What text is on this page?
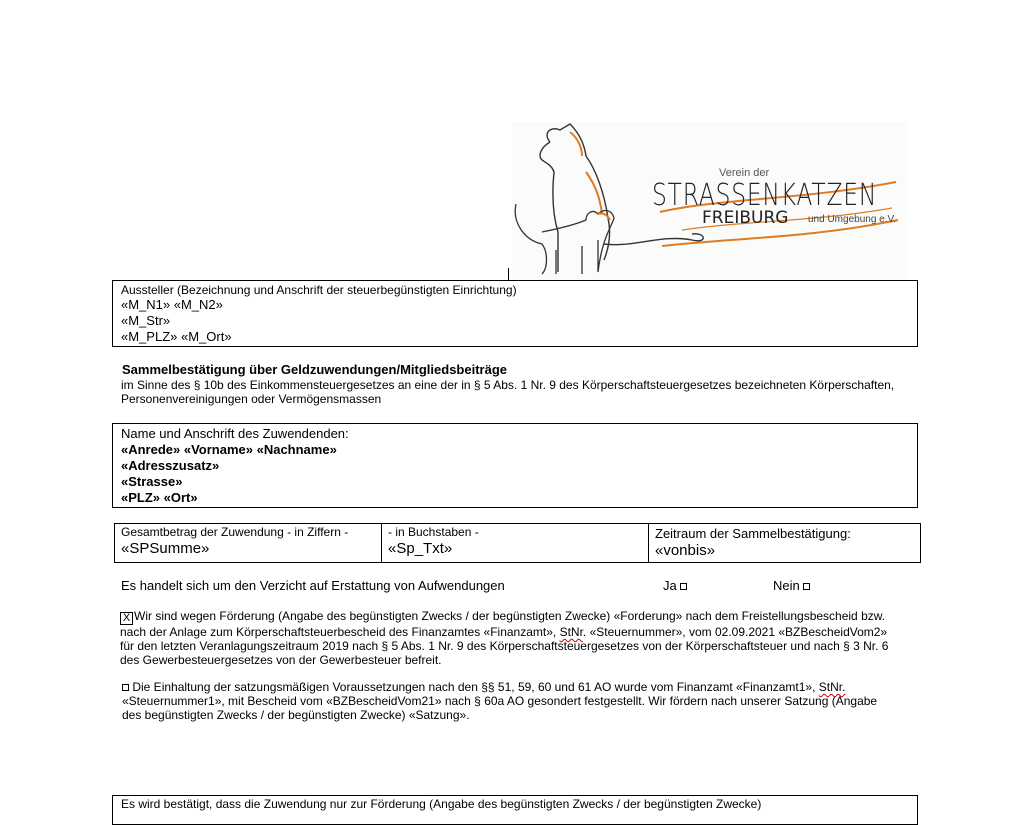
Verein der
STRASSENKATZEN
FREIBURG und Umgebung e.V.
Aussteller (Bezeichnung und Anschrift der steuerbegünstigten Einrichtung)
«M_N1» «M_N2»
«M_Str»
«M_PLZ» «M_Ort»
Sammelbestätigung über Geldzuwendungen/Mitgliedsbeiträge
im Sinne des § 10b des Einkommensteuergesetzes an eine der in § 5 Abs. 1 Nr. 9 des Körperschaftsteuergesetzes bezeichneten Körperschaften,
Personenvereinigungen oder Vermögensmassen
Name und Anschrift des Zuwendenden:
«Anrede» «Vorname» «Nachname»
«Adresszusatz»
«Strasse»
«PLZ» «Ort»
Gesamtbetrag der Zuwendung - in Ziffern -
«SPSumme»
- in Buchstaben -
«Sp_Txt»
Zeitraum der Sammelbestätigung:
«vonbis»
Es handelt sich um den Verzicht auf Erstattung von Aufwendungen	Ja	Nein

X Wir sind wegen Förderung (Angabe des begünstigten Zwecks / der begünstigten Zwecke) «Forderung» nach dem Freistellungsbescheid bzw.

nach der Anlage zum Körperschaftsteuerbescheid des Finanzamtes «Finanzamt», StNr. «Steuernummer», vom 02.09.2021 «BZBescheidVom2»

für den letzten Veranlagungszeitraum 2019 nach § 5 Abs. 1 Nr. 9 des Körperschaftsteuergesetzes von der Körperschaftsteuer und nach § 3 Nr. 6

des Gewerbesteuergesetzes von der Gewerbesteuer befreit.

Die Einhaltung der satzungsmäßigen Voraussetzungen nach den §§ 51, 59, 60 und 61 AO wurde vom Finanzamt «Finanzamt1», StNr.

«Steuernummer1», mit Bescheid vom «BZBescheidVom21» nach § 60a AO gesondert festgestellt. Wir fördern nach unserer Satzung (Angabe

des begünstigten Zwecks / der begünstigten Zwecke) «Satzung».

Es wird bestätigt, dass die Zuwendung nur zur Förderung (Angabe des begünstigten Zwecks / der begünstigten Zwecke)
